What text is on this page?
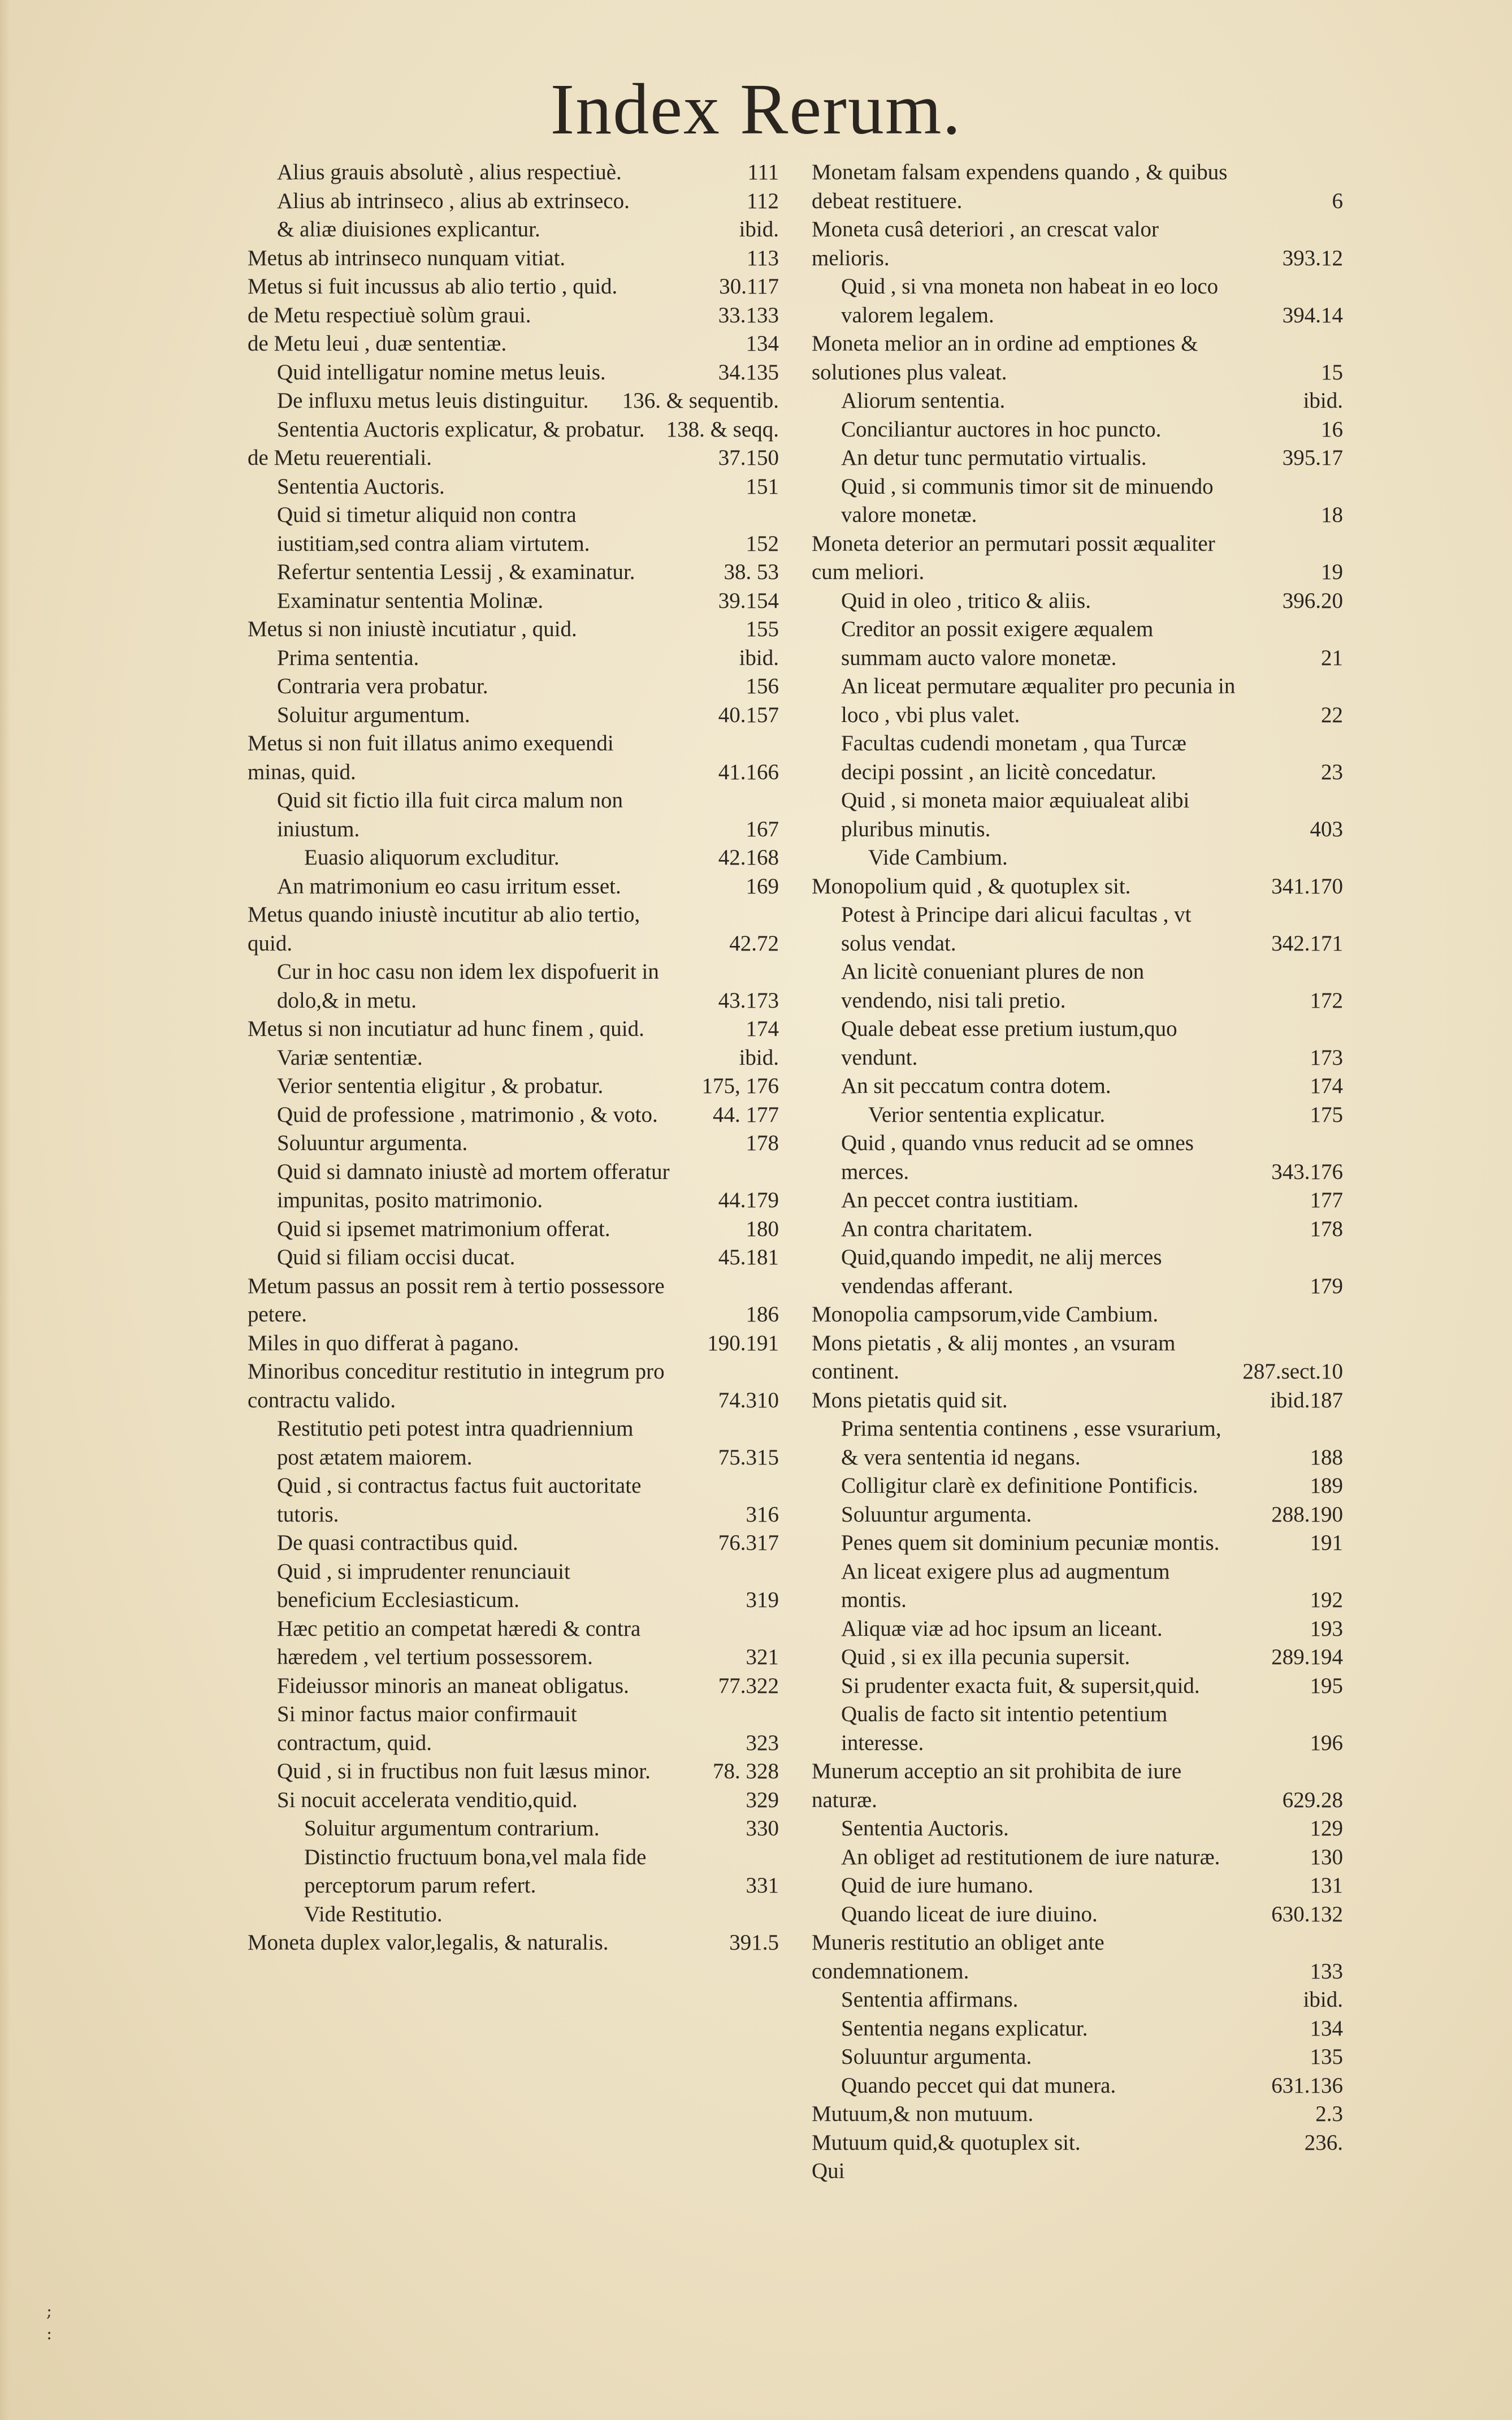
Index Rerum.
Alius grauis absolutè , alius respectiuè.	111
Alius ab intrinseco , alius ab extrinseco.	112
& aliæ diuisiones explicantur.	ibid.
Metus ab intrinseco nunquam vitiat.	113
Metus si fuit incussus ab alio tertio , quid.	30.117
de Metu respectiuè solùm graui.	33.133
de Metu leui , duæ sententiæ.	134
Quid intelligatur nomine metus leuis.	34.135
De influxu metus leuis distinguitur. 136. & sequentib.
Sententia Auctoris explicatur, & probatur. 138. & seqq.
de Metu reuerentiali.	37.150
Sententia Auctoris.	151
Quid si timetur aliquid non contra iustitiam,sed contra aliam virtutem.	152
Refertur sententia Lessij , & examinatur.	38. 53
Examinatur sententia Molinæ.	39.154
Metus si non iniustè incutiatur , quid.	155
Prima sententia.	ibid.
Contraria vera probatur.	156
Soluitur argumentum.	40.157
Metus si non fuit illatus animo exequendi minas, quid.	41.166
Quid sit fictio illa fuit circa malum non iniustum.	167
Euasio aliquorum excluditur.	42.168
An matrimonium eo casu irritum esset.	169
Metus quando iniustè incutitur ab alio tertio, quid.	42.72
Cur in hoc casu non idem lex dispofuerit in dolo,& in metu.	43.173
Metus si non incutiatur ad hunc finem , quid.	174
Variæ sententiæ.	ibid.
Verior sententia eligitur , & probatur.	175, 176
Quid de professione , matrimonio , & voto. 44. 177
Soluuntur argumenta.	178
Quid si damnato iniustè ad mortem offeratur impunitas, posito matrimonio.	44.179
Quid si ipsemet matrimonium offerat.	180
Quid si filiam occisi ducat.	45.181
Metum passus an possit rem à tertio possessore petere.	186
Miles in quo differat à pagano.	190.191
Minoribus conceditur restitutio in integrum pro contractu valido.	74.310
Restitutio peti potest intra quadriennium post ætatem maiorem.	75.315
Quid , si contractus factus fuit auctoritate tutoris.	316
De quasi contractibus quid.	76.317
Quid , si imprudenter renunciauit beneficium Ecclesiasticum.	319
Hæc petitio an competat hæredi & contra hæredem , vel tertium possessorem.	321
Fideiussor minoris an maneat obligatus.	77.322
Si minor factus maior confirmauit contractum, quid.	323
Quid , si in fructibus non fuit læsus minor.	78. 328
Si nocuit accelerata venditio,quid.	329
Soluitur argumentum contrarium.	330
Distinctio fructuum bona,vel mala fide perceptorum parum refert.	331
Vide Restitutio.
Moneta duplex valor,legalis, & naturalis.	391.5
Monetam falsam expendens quando , & quibus debeat restituere.	6
Moneta cusâ deteriori , an crescat valor melioris.	393.12
Quid , si vna moneta non habeat in eo loco valorem legalem.	394.14
Moneta melior an in ordine ad emptiones & solutiones plus valeat.	15
Aliorum sententia.	ibid.
Conciliantur auctores in hoc puncto.	16
An detur tunc permutatio virtualis.	395.17
Quid , si communis timor sit de minuendo valore monetæ.	18
Moneta deterior an permutari possit æqualiter cum meliori.	19
Quid in oleo , tritico & aliis.	396.20
Creditor an possit exigere æqualem summam aucto valore monetæ.	21
An liceat permutare æqualiter pro pecunia in loco , vbi plus valet.	22
Facultas cudendi monetam , qua Turcæ decipi possint , an licitè concedatur.	23
Quid , si moneta maior æquiualeat alibi pluribus minutis.	403
Vide Cambium.
Monopolium quid , & quotuplex sit.	341.170
Potest à Principe dari alicui facultas , vt solus vendat.	342.171
An licitè conueniant plures de non vendendo, nisi tali pretio.	172
Quale debeat esse pretium iustum,quo vendunt.	173
An sit peccatum contra dotem.	174
Verior sententia explicatur.	175
Quid , quando vnus reducit ad se omnes merces.	343.176
An peccet contra iustitiam.	177
An contra charitatem.	178
Quid,quando impedit, ne alij merces vendendas afferant.	179
Monopolia campsorum,vide Cambium.
Mons pietatis , & alij montes , an vsuram continent.	287.sect.10
Mons pietatis quid sit.	ibid.187
Prima sententia continens , esse vsurarium, & vera sententia id negans.	188
Colligitur clarè ex definitione Pontificis.	189
Soluuntur argumenta.	288.190
Penes quem sit dominium pecuniæ montis.	191
An liceat exigere plus ad augmentum montis.	192
Aliquæ viæ ad hoc ipsum an liceant.	193
Quid , si ex illa pecunia supersit.	289.194
Si prudenter exacta fuit, & supersit,quid.	195
Qualis de facto sit intentio petentium interesse.	196
Munerum acceptio an sit prohibita de iure naturæ.	629.28
Sententia Auctoris.	129
An obliget ad restitutionem de iure naturæ.	130
Quid de iure humano.	131
Quando liceat de iure diuino.	630.132
Muneris restitutio an obliget ante condemnationem.	133
Sententia affirmans.	ibid.
Sententia negans explicatur.	134
Soluuntur argumenta.	135
Quando peccet qui dat munera.	631.136
Mutuum,& non mutuum.	2.3
Mutuum quid,& quotuplex sit.	236.
Qui
;
:
